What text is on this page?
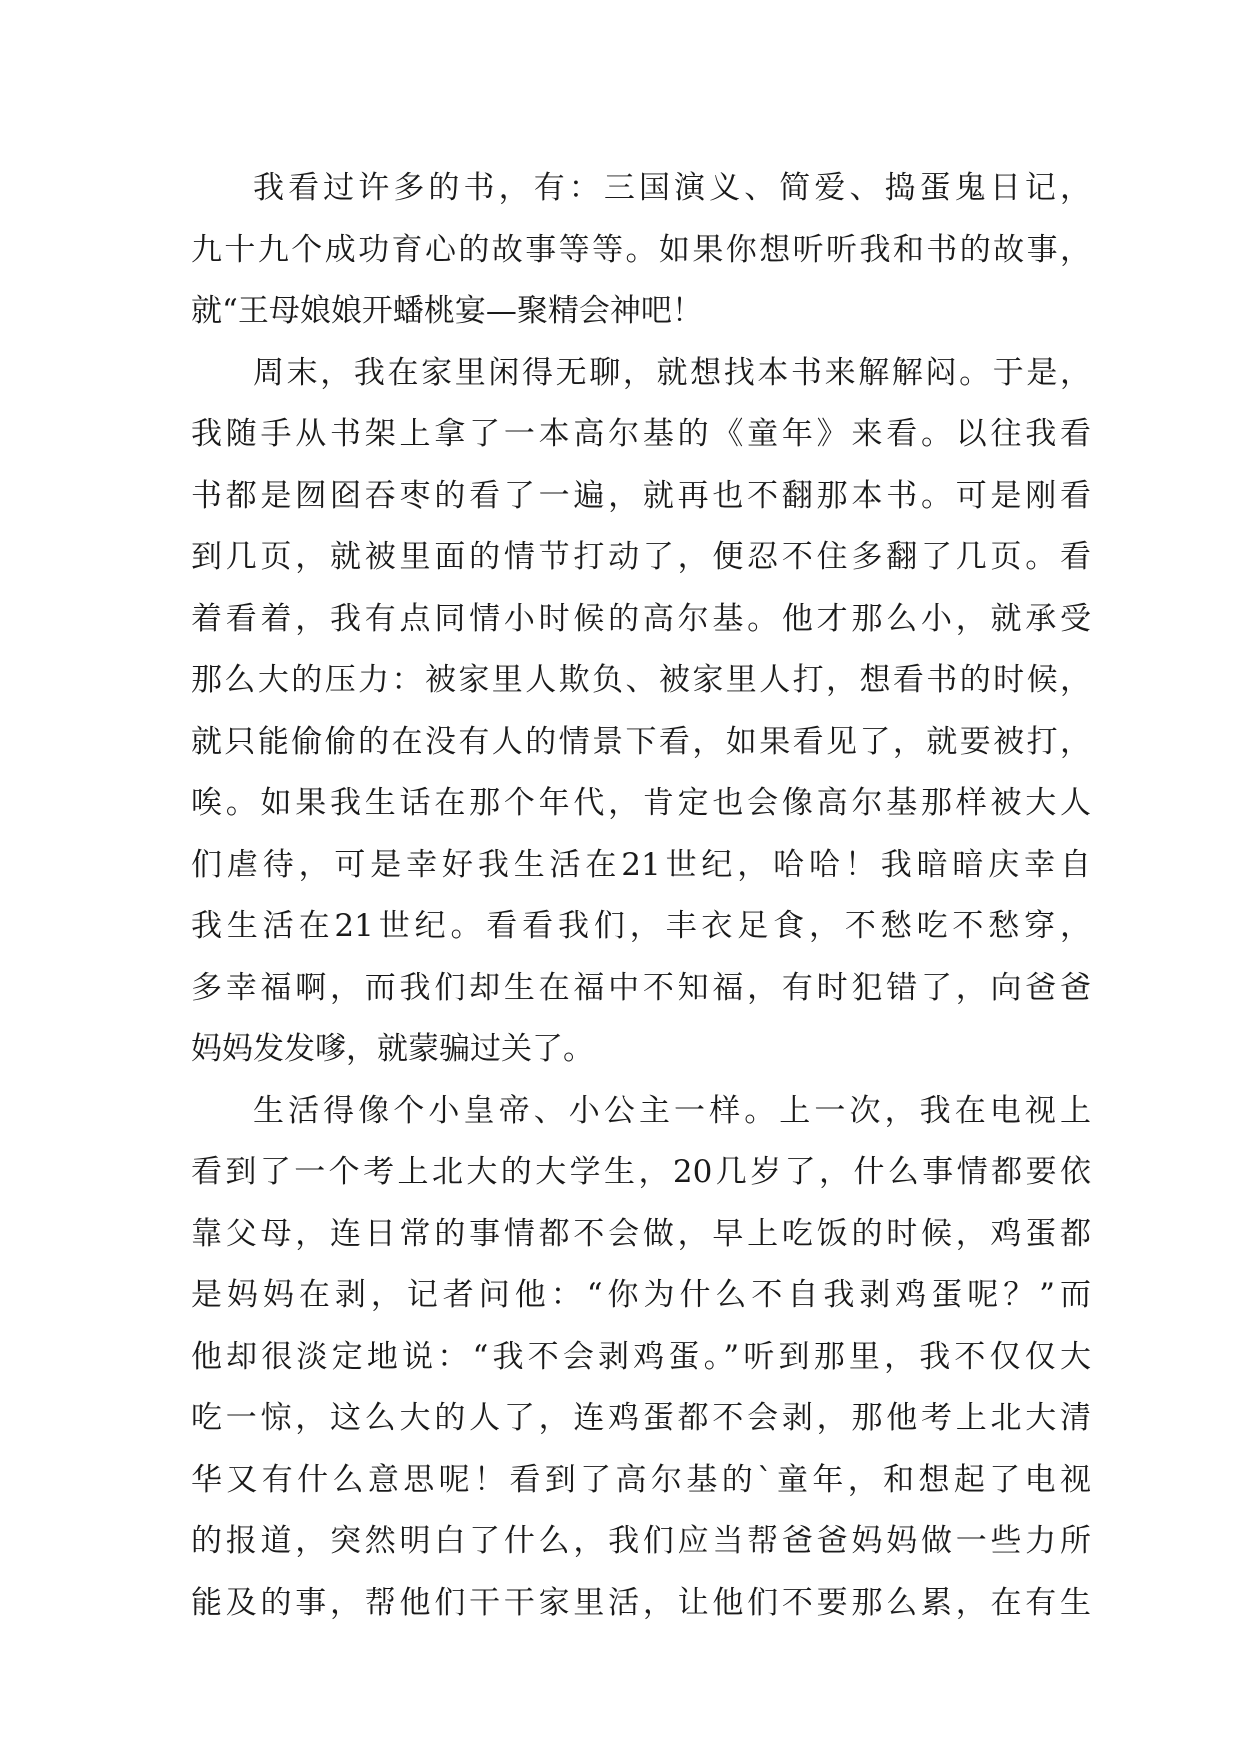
我看过许多的书，有：三国演义、简爱、捣蛋鬼日记，
九十九个成功育心的故事等等。如果你想听听我和书的故事，
就“王母娘娘开蟠桃宴—聚精会神吧！
周末，我在家里闲得无聊，就想找本书来解解闷。于是，
我随手从书架上拿了一本高尔基的《童年》来看。以往我看
书都是囫囵吞枣的看了一遍，就再也不翻那本书。可是刚看
到几页，就被里面的情节打动了，便忍不住多翻了几页。看
着看着，我有点同情小时候的高尔基。他才那么小，就承受
那么大的压力：被家里人欺负、被家里人打，想看书的时候，
就只能偷偷的在没有人的情景下看，如果看见了，就要被打，
唉。如果我生话在那个年代，肯定也会像高尔基那样被大人
们虐待，可是幸好我生活在21世纪，哈哈！我暗暗庆幸自
我生活在21世纪。看看我们，丰衣足食，不愁吃不愁穿，
多幸福啊，而我们却生在福中不知福，有时犯错了，向爸爸
妈妈发发嗲，就蒙骗过关了。
生活得像个小皇帝、小公主一样。上一次，我在电视上
看到了一个考上北大的大学生，20几岁了，什么事情都要依
靠父母，连日常的事情都不会做，早上吃饭的时候，鸡蛋都
是妈妈在剥，记者问他：“你为什么不自我剥鸡蛋呢？”而
他却很淡定地说：“我不会剥鸡蛋。”听到那里，我不仅仅大
吃一惊，这么大的人了，连鸡蛋都不会剥，那他考上北大清
华又有什么意思呢！看到了高尔基的`童年，和想起了电视
的报道，突然明白了什么，我们应当帮爸爸妈妈做一些力所
能及的事，帮他们干干家里活，让他们不要那么累，在有生
